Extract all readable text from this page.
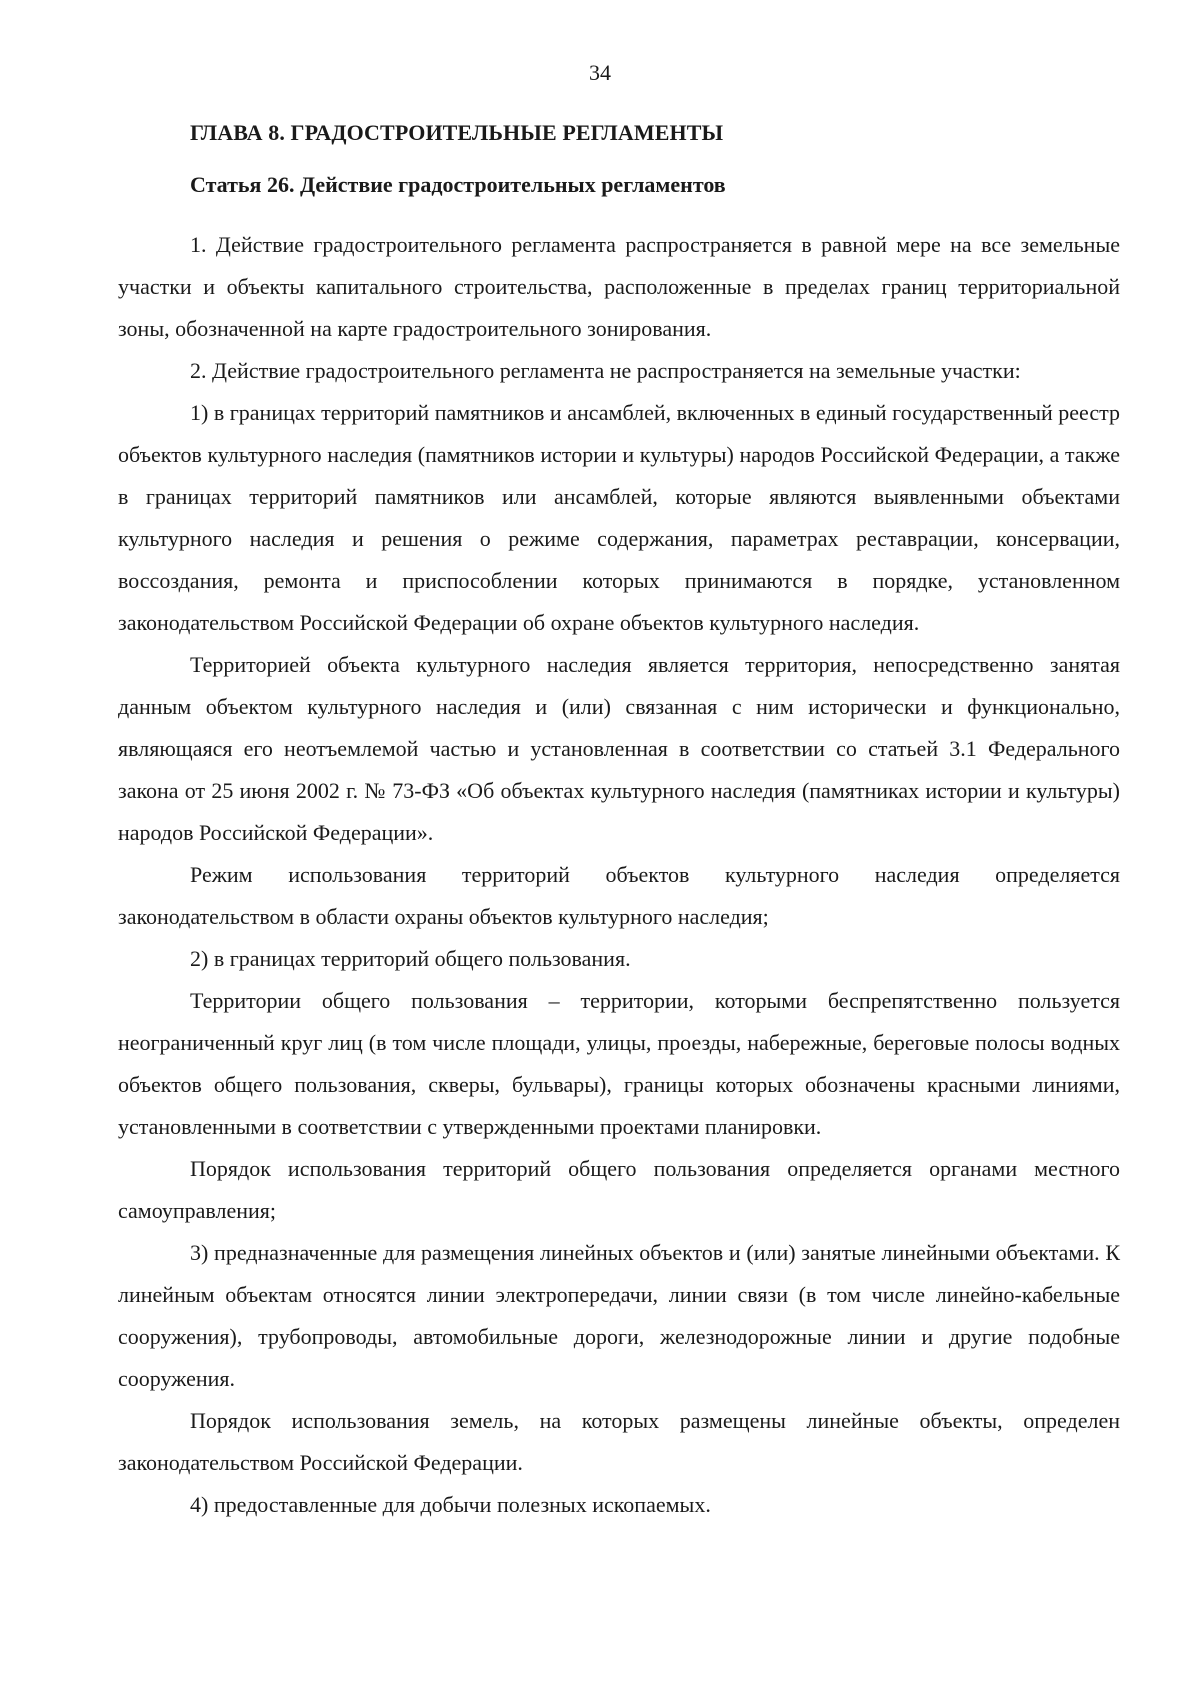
34
ГЛАВА 8. ГРАДОСТРОИТЕЛЬНЫЕ РЕГЛАМЕНТЫ
Статья 26. Действие градостроительных регламентов

1. Действие градостроительного регламента распространяется в равной мере на все земельные участки и объекты капитального строительства, расположенные в пределах границ территориальной зоны, обозначенной на карте градостроительного зонирования.

2. Действие градостроительного регламента не распространяется на земельные участки:

1) в границах территорий памятников и ансамблей, включенных в единый государственный реестр объектов культурного наследия (памятников истории и культуры) народов Российской Федерации, а также в границах территорий памятников или ансамблей, которые являются выявленными объектами культурного наследия и решения о режиме содержания, параметрах реставрации, консервации, воссоздания, ремонта и приспособлении которых принимаются в порядке, установленном законодательством Российской Федерации об охране объектов культурного наследия.

Территорией объекта культурного наследия является территория, непосредственно занятая данным объектом культурного наследия и (или) связанная с ним исторически и функционально, являющаяся его неотъемлемой частью и установленная в соответствии со статьей 3.1 Федерального закона от 25 июня 2002 г. № 73-ФЗ «Об объектах культурного наследия (памятниках истории и культуры) народов Российской Федерации».

Режим использования территорий объектов культурного наследия определяется законодательством в области охраны объектов культурного наследия;

2) в границах территорий общего пользования.

Территории общего пользования – территории, которыми беспрепятственно пользуется неограниченный круг лиц (в том числе площади, улицы, проезды, набережные, береговые полосы водных объектов общего пользования, скверы, бульвары), границы которых обозначены красными линиями, установленными в соответствии с утвержденными проектами планировки.

Порядок использования территорий общего пользования определяется органами местного самоуправления;

3) предназначенные для размещения линейных объектов и (или) занятые линейными объектами. К линейным объектам относятся линии электропередачи, линии связи (в том числе линейно-кабельные сооружения), трубопроводы, автомобильные дороги, железнодорожные линии и другие подобные сооружения.

Порядок использования земель, на которых размещены линейные объекты, определен законодательством Российской Федерации.

4) предоставленные для добычи полезных ископаемых.
